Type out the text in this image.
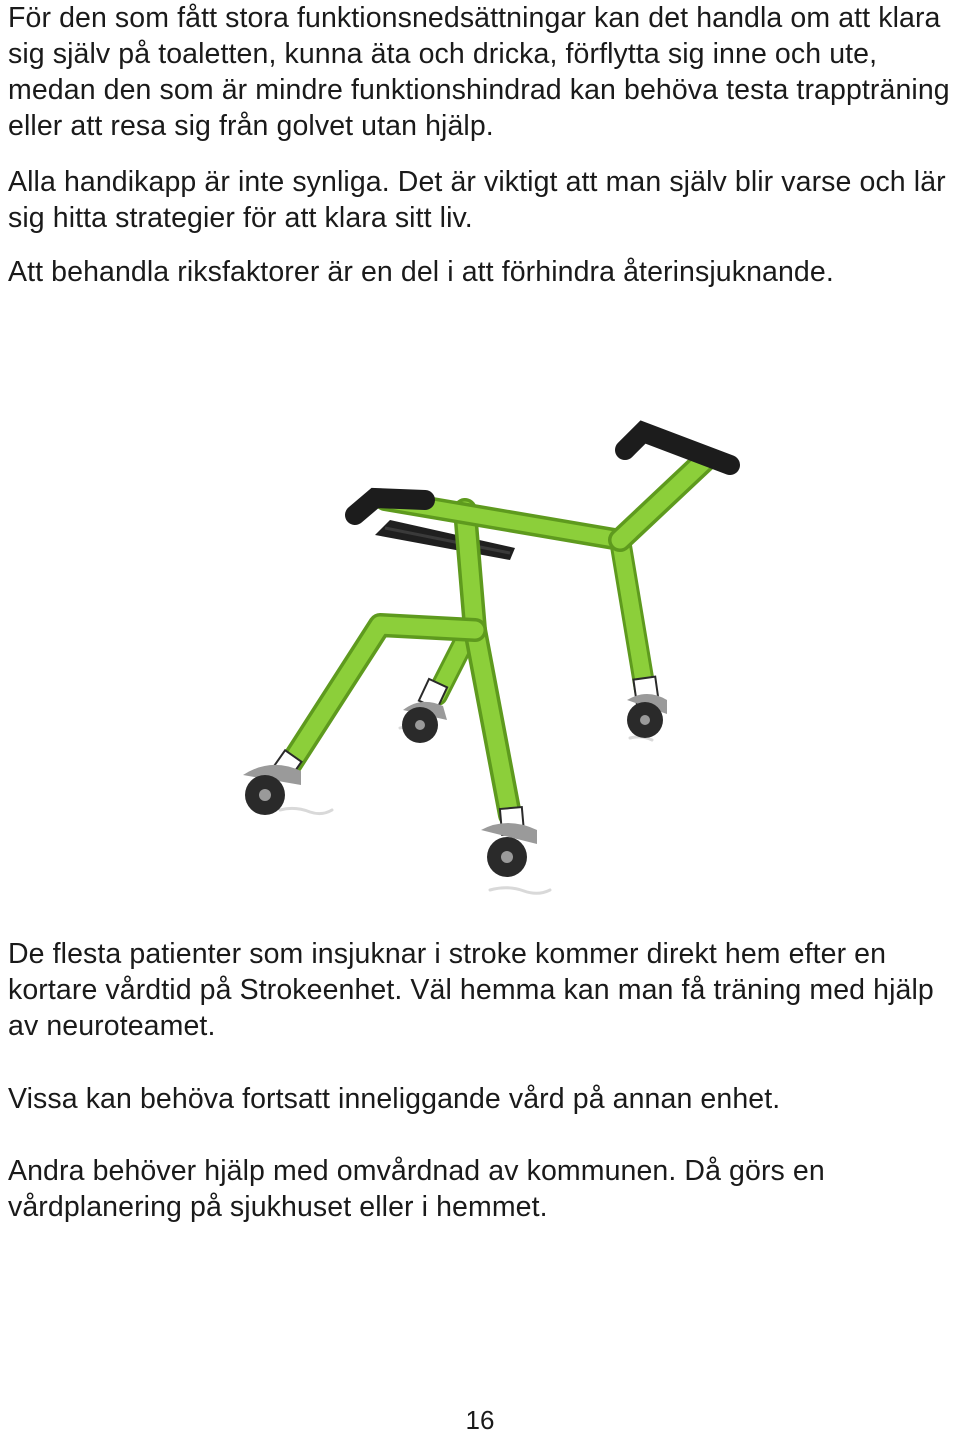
För den som fått stora funktionsnedsättningar kan det handla om att klara sig själv på toaletten, kunna äta och dricka, förflytta sig inne och ute, medan den som är mindre funktionshindrad kan behöva testa trappträning eller att resa sig från golvet utan hjälp.

Alla handikapp är inte synliga. Det är viktigt att man själv blir varse och lär sig hitta strategier för att klara sitt liv.

Att behandla riksfaktorer är en del i att förhindra återinsjuknande.

De flesta patienter som insjuknar i stroke kommer direkt hem efter en kortare vårdtid på Strokeenhet. Väl hemma kan man få träning med hjälp av neuroteamet.

Vissa kan behöva fortsatt inneliggande vård på annan enhet.

Andra behöver hjälp med omvårdnad av kommunen. Då görs en vårdplanering på sjukhuset eller i hemmet.

16
